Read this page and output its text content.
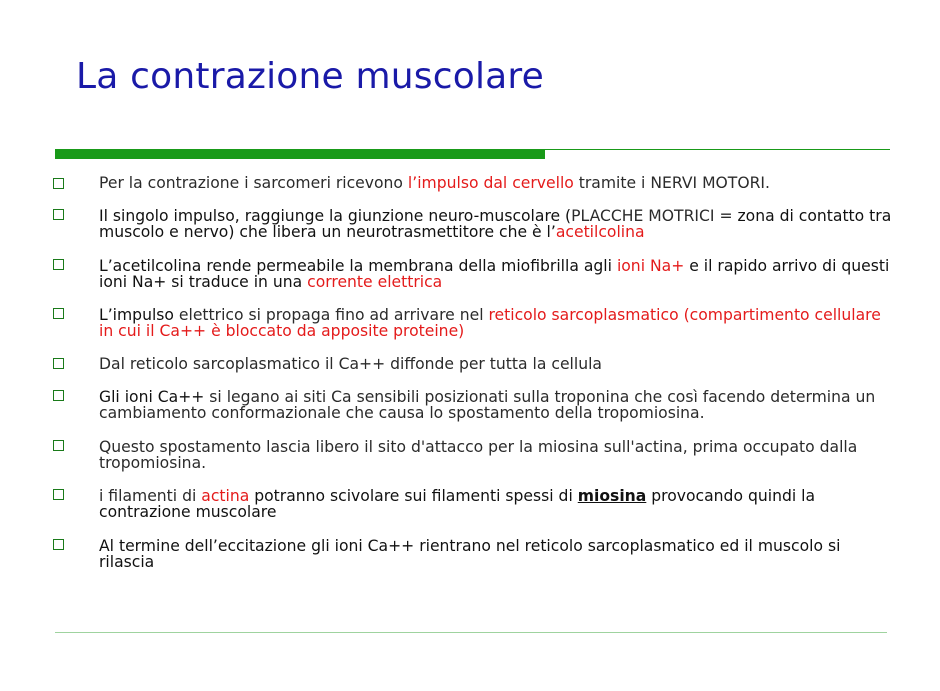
La contrazione muscolare
Per la contrazione i sarcomeri ricevono l’impulso dal cervello tramite i NERVI MOTORI.
Il singolo impulso, raggiunge la giunzione neuro-muscolare (PLACCHE MOTRICI = zona di contatto tra muscolo e nervo) che libera un neurotrasmettitore che è l’acetilcolina
L’acetilcolina rende permeabile la membrana della miofibrilla agli ioni Na+ e il rapido arrivo di questi ioni Na+ si traduce in una corrente elettrica
L’impulso elettrico si propaga fino ad arrivare nel reticolo sarcoplasmatico (compartimento cellulare in cui il Ca++ è bloccato da apposite proteine)
Dal reticolo sarcoplasmatico il Ca++ diffonde per tutta la cellula
Gli ioni Ca++ si legano ai siti Ca sensibili posizionati sulla troponina che così facendo determina un cambiamento conformazionale che causa lo spostamento della tropomiosina.
Questo spostamento lascia libero il sito d'attacco per la miosina sull'actina, prima occupato dalla tropomiosina.
i filamenti di actina potranno scivolare sui filamenti spessi di miosina provocando quindi la contrazione muscolare
Al termine dell’eccitazione gli ioni Ca++ rientrano nel reticolo sarcoplasmatico ed il muscolo si rilascia
